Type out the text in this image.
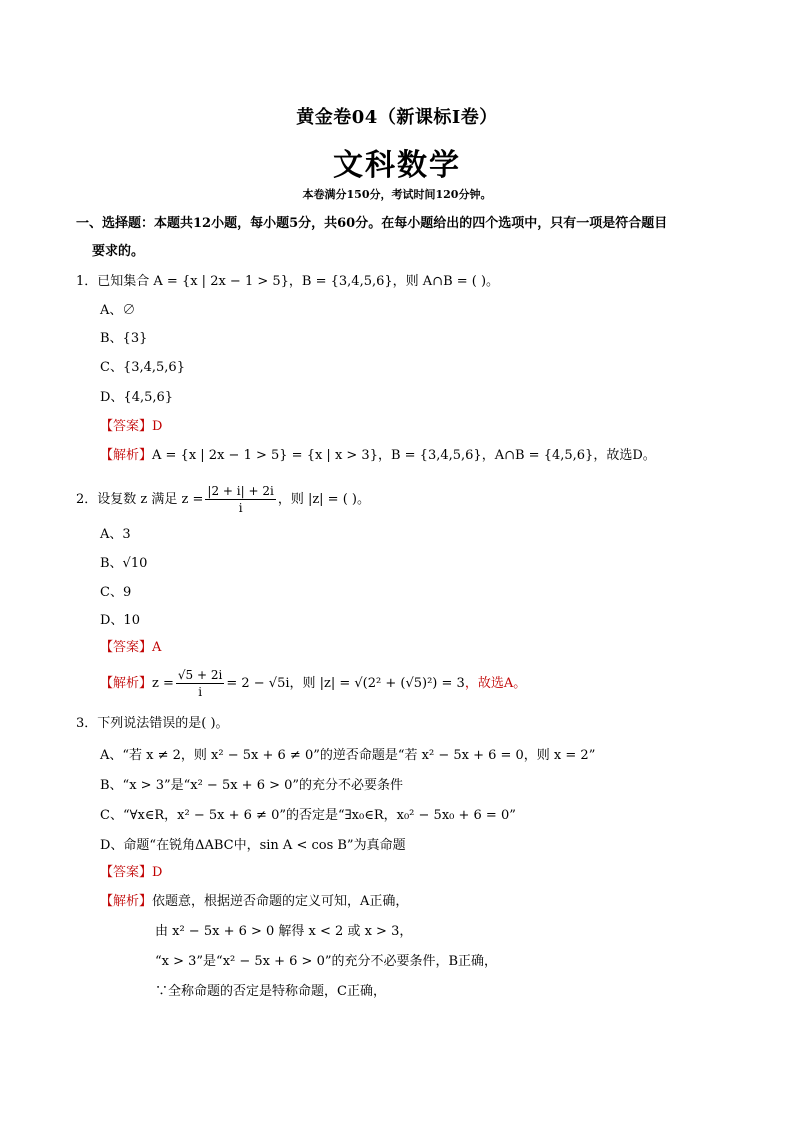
黄金卷04（新课标Ⅰ卷）
文科数学
本卷满分150分，考试时间120分钟。
一、选择题：本题共12小题，每小题5分，共60分。在每小题给出的四个选项中，只有一项是符合题目
要求的。
1．已知集合 A = {x | 2x − 1 > 5}，B = {3,4,5,6}，则 A∩B = ( )。
A、∅
B、{3}
C、{3,4,5,6}
D、{4,5,6}
【答案】D
【解析】A = {x | 2x − 1 > 5} = {x | x > 3}，B = {3,4,5,6}，A∩B = {4,5,6}，故选D。
2．设复数 z 满足 $z = \frac{|2 + i| + 2i}{i}$ ，则 |z| = ( )。
A、3
B、√10
C、9
D、10
【答案】A
【解析】$z = \frac{√5 + 2i}{i} = 2 - √5i$，则 |z| = √(2² + (√5)²) = 3，故选A。
3．下列说法错误的是( )。
A、“若 x ≠ 2，则 x² − 5x + 6 ≠ 0”的逆否命题是“若 x² − 5x + 6 = 0，则 x = 2”
B、“x > 3”是“x² − 5x + 6 > 0”的充分不必要条件
C、“∀x∈R，x² − 5x + 6 ≠ 0”的否定是“∃x₀∈R，x₀² − 5x₀ + 6 = 0”
D、命题“在锐角ΔABC中，sin A < cos B”为真命题
【答案】D
【解析】依题意，根据逆否命题的定义可知，A正确，
由 x² − 5x + 6 > 0 解得 x < 2 或 x > 3，
“x > 3”是“x² − 5x + 6 > 0”的充分不必要条件，B正确，
∵全称命题的否定是特称命题，C正确，
